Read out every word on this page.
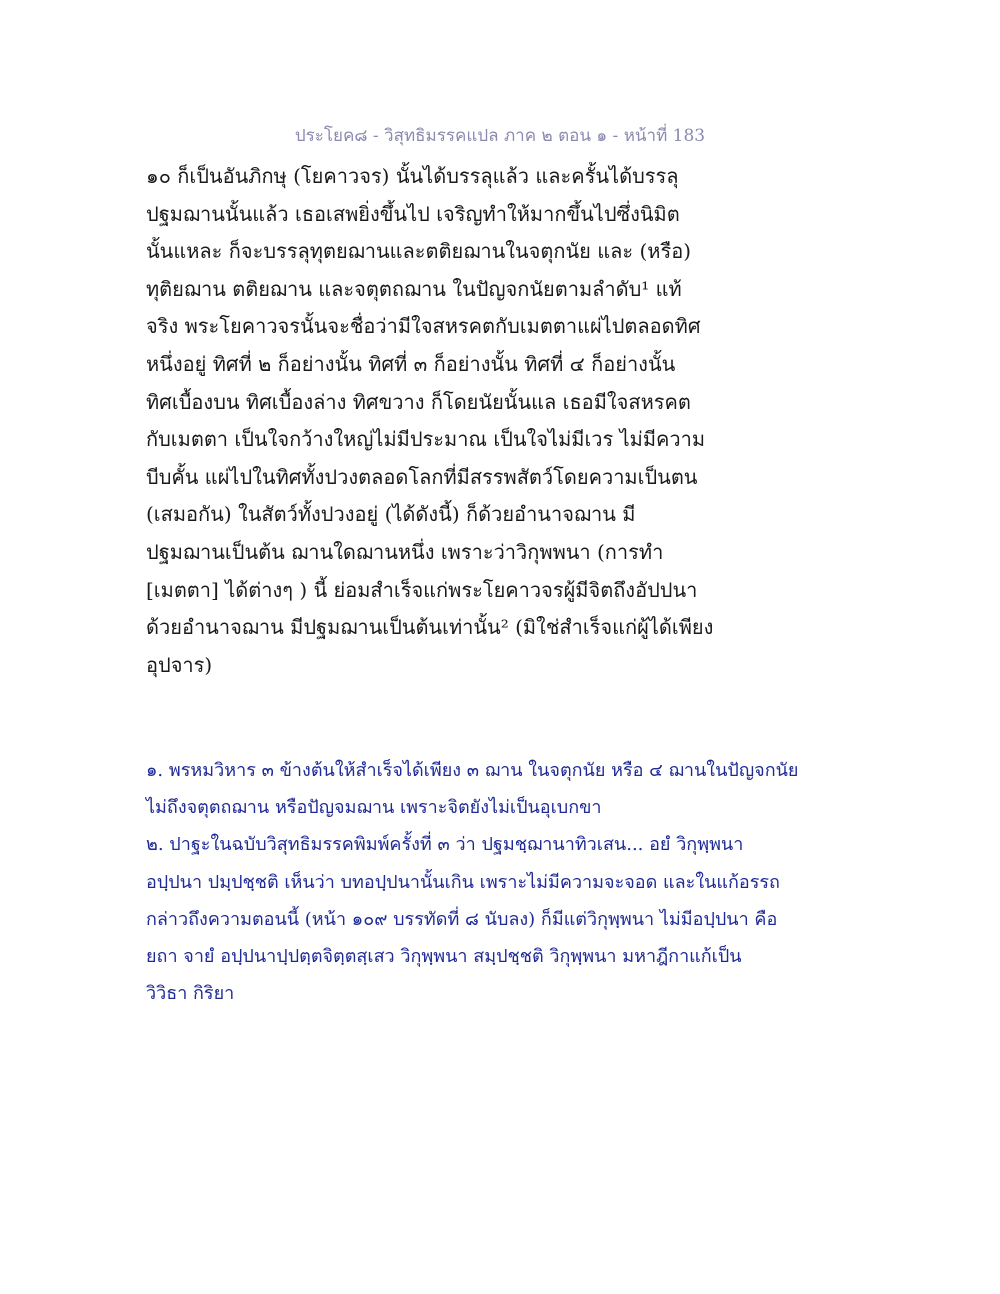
ประโยค๘ - วิสุทธิมรรคแปล ภาค ๒ ตอน ๑ - หน้าที่ 183
๑๐ ก็เป็นอันภิกษุ (โยคาวจร) นั้นได้บรรลุแล้ว และครั้นได้บรรลุ
ปฐมฌานนั้นแล้ว เธอเสพยิ่งขึ้นไป เจริญทำให้มากขึ้นไปซึ่งนิมิต
นั้นแหละ ก็จะบรรลุทุตยฌานและตติยฌานในจตุกนัย และ (หรือ)
ทุติยฌาน ตติยฌาน และจตุตถฌาน ในปัญจกนัยตามลำดับ¹ แท้
จริง พระโยคาวจรนั้นจะชื่อว่ามีใจสหรคตกับเมตตาแผ่ไปตลอดทิศ
หนึ่งอยู่ ทิศที่ ๒ ก็อย่างนั้น ทิศที่ ๓ ก็อย่างนั้น ทิศที่ ๔ ก็อย่างนั้น
ทิศเบื้องบน ทิศเบื้องล่าง ทิศขวาง ก็โดยนัยนั้นแล เธอมีใจสหรคต
กับเมตตา เป็นใจกว้างใหญ่ไม่มีประมาณ เป็นใจไม่มีเวร ไม่มีความ
บีบคั้น แผ่ไปในทิศทั้งปวงตลอดโลกที่มีสรรพสัตว์โดยความเป็นตน
(เสมอกัน) ในสัตว์ทั้งปวงอยู่ (ได้ดังนี้) ก็ด้วยอำนาจฌาน มี
ปฐมฌานเป็นต้น ฌานใดฌานหนึ่ง เพราะว่าวิกุพพนา (การทำ
[เมตตา] ได้ต่างๆ ) นี้ ย่อมสำเร็จแก่พระโยคาวจรผู้มีจิตถึงอัปปนา
ด้วยอำนาจฌาน มีปฐมฌานเป็นต้นเท่านั้น² (มิใช่สำเร็จแก่ผู้ได้เพียง
อุปจาร)
๑. พรหมวิหาร ๓ ข้างต้นให้สำเร็จได้เพียง ๓ ฌาน ในจตุกนัย หรือ ๔ ฌานในปัญจกนัย
ไม่ถึงจตุตถฌาน หรือปัญจมฌาน เพราะจิตยังไม่เป็นอุเบกขา
๒. ปาฐะในฉบับวิสุทธิมรรคพิมพ์ครั้งที่ ๓ ว่า ปฐมชฺฌานาทิวเสน... อยํ วิกุพฺพนา
อปฺปนา ปมฺปชฺชติ เห็นว่า บทอปฺปนานั้นเกิน เพราะไม่มีความจะจอด และในแก้อรรถ
กล่าวถึงความตอนนี้ (หน้า ๑๐๙ บรรทัดที่ ๘ นับลง) ก็มีแต่วิกุพฺพนา ไม่มีอปฺปนา คือ
ยถา จายํ อปฺปนาปฺปตฺตจิตฺตสฺเสว วิกุพฺพนา สมฺปชฺชติ วิกุพฺพนา มหาฎีกาแก้เป็น
วิวิธา กิริยา
